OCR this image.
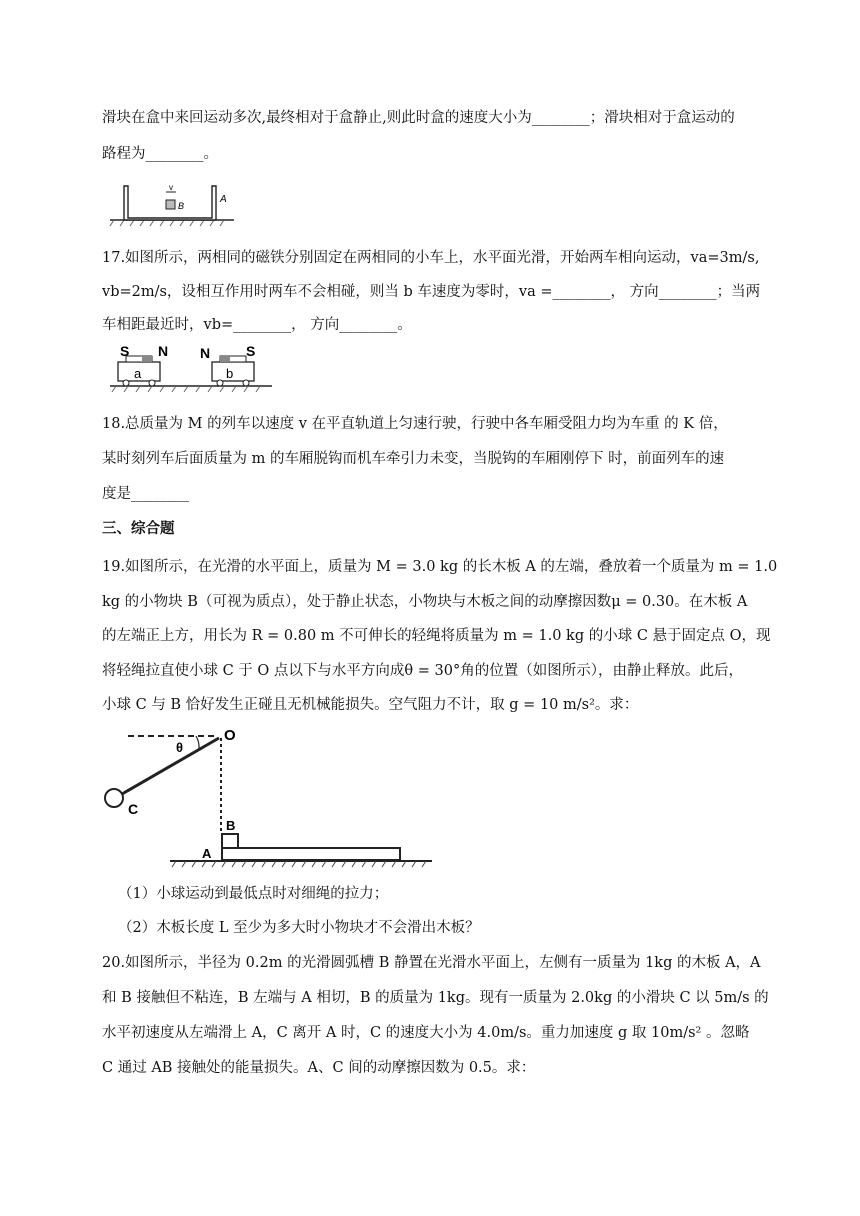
滑块在盒中来回运动多次,最终相对于盒静止,则此时盒的速度大小为________；滑块相对于盒运动的
路程为________。
v
B
A
17.如图所示，两相同的磁铁分别固定在两相同的小车上，水平面光滑，开始两车相向运动，va=3m/s,
vb=2m/s，设相互作用时两车不会相碰，则当 b 车速度为零时，va =________， 方向________；当两
车相距最近时，vb=________， 方向________。
S N
a
N	S
b
18.总质量为 M 的列车以速度 v 在平直轨道上匀速行驶，行驶中各车厢受阻力均为车重 的 K 倍，
某时刻列车后面质量为 m 的车厢脱钩而机车牵引力未变，当脱钩的车厢刚停下 时，前面列车的速
度是________
三、综合题
19.如图所示，在光滑的水平面上，质量为 M = 3.0 kg 的长木板 A 的左端，叠放着一个质量为 m = 1.0
kg 的小物块 B（可视为质点），处于静止状态，小物块与木板之间的动摩擦因数μ = 0.30。在木板 A
的左端正上方，用长为 R = 0.80 m 不可伸长的轻绳将质量为 m = 1.0 kg 的小球 C 悬于固定点 O，现
将轻绳拉直使小球 C 于 O 点以下与水平方向成θ = 30°角的位置（如图所示），由静止释放。此后，
小球 C 与 B 恰好发生正碰且无机械能损失。空气阻力不计，取 g = 10 m/s²。求：
θ
O
C
B
A
（1）小球运动到最低点时对细绳的拉力；
（2）木板长度 L 至少为多大时小物块才不会滑出木板？
20.如图所示，半径为 0.2m 的光滑圆弧槽 B 静置在光滑水平面上，左侧有一质量为 1kg 的木板 A，A
和 B 接触但不粘连，B 左端与 A 相切，B 的质量为 1kg。现有一质量为 2.0kg 的小滑块 C 以 5m/s 的
水平初速度从左端滑上 A，C 离开 A 时，C 的速度大小为 4.0m/s。重力加速度 g 取 10m/s² 。忽略
C 通过 AB 接触处的能量损失。A、C 间的动摩擦因数为 0.5。求：
